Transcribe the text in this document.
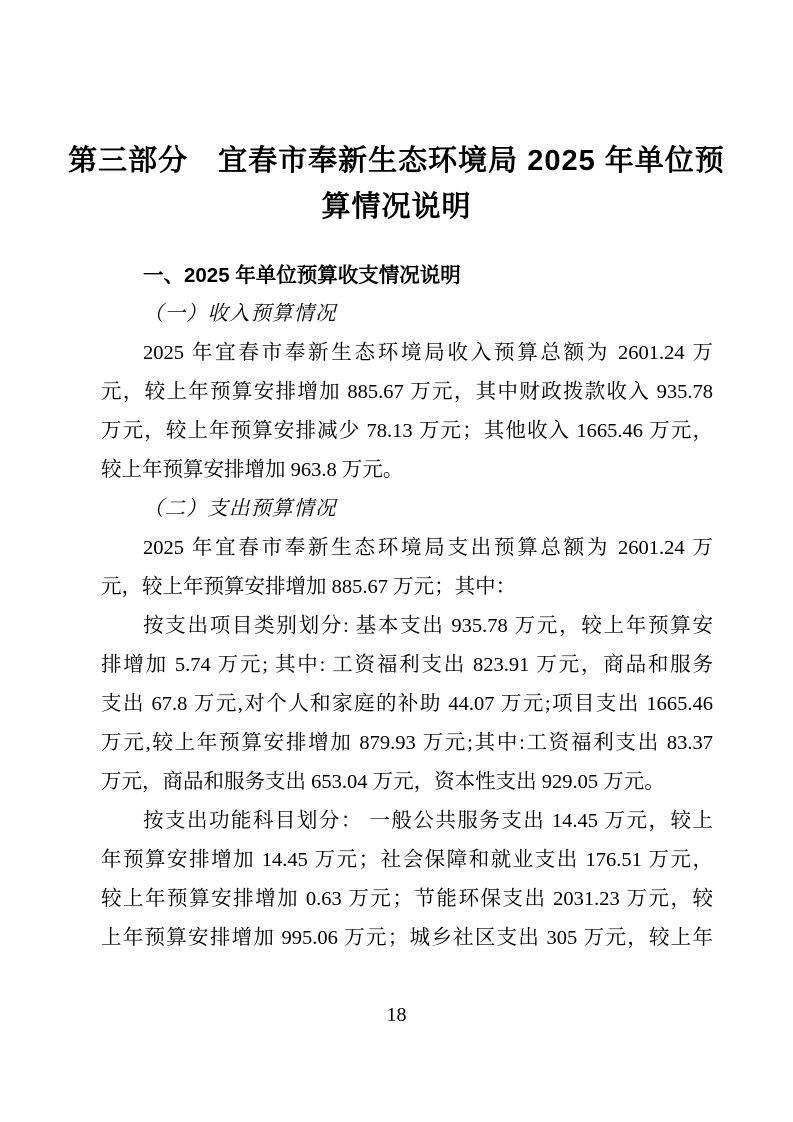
第三部分　宜春市奉新生态环境局 2025 年单位预
算情况说明
一、2025 年单位预算收支情况说明
（一）收入预算情况
2025 年宜春市奉新生态环境局收入预算总额为 2601.24 万
元，较上年预算安排增加 885.67 万元，其中财政拨款收入 935.78
万元，较上年预算安排减少 78.13 万元；其他收入 1665.46 万元，
较上年预算安排增加 963.8 万元。
（二）支出预算情况
2025 年宜春市奉新生态环境局支出预算总额为 2601.24 万
元，较上年预算安排增加 885.67 万元；其中：
按支出项目类别划分: 基本支出 935.78 万元，较上年预算安
排增加 5.74 万元; 其中: 工资福利支出 823.91 万元，商品和服务
支出 67.8 万元,对个人和家庭的补助 44.07 万元;项目支出 1665.46
万元,较上年预算安排增加 879.93 万元;其中:工资福利支出 83.37
万元，商品和服务支出 653.04 万元，资本性支出 929.05 万元。
按支出功能科目划分： 一般公共服务支出 14.45 万元，较上
年预算安排增加 14.45 万元；社会保障和就业支出 176.51 万元，
较上年预算安排增加 0.63 万元；节能环保支出 2031.23 万元，较
上年预算安排增加 995.06 万元；城乡社区支出 305 万元，较上年
18
